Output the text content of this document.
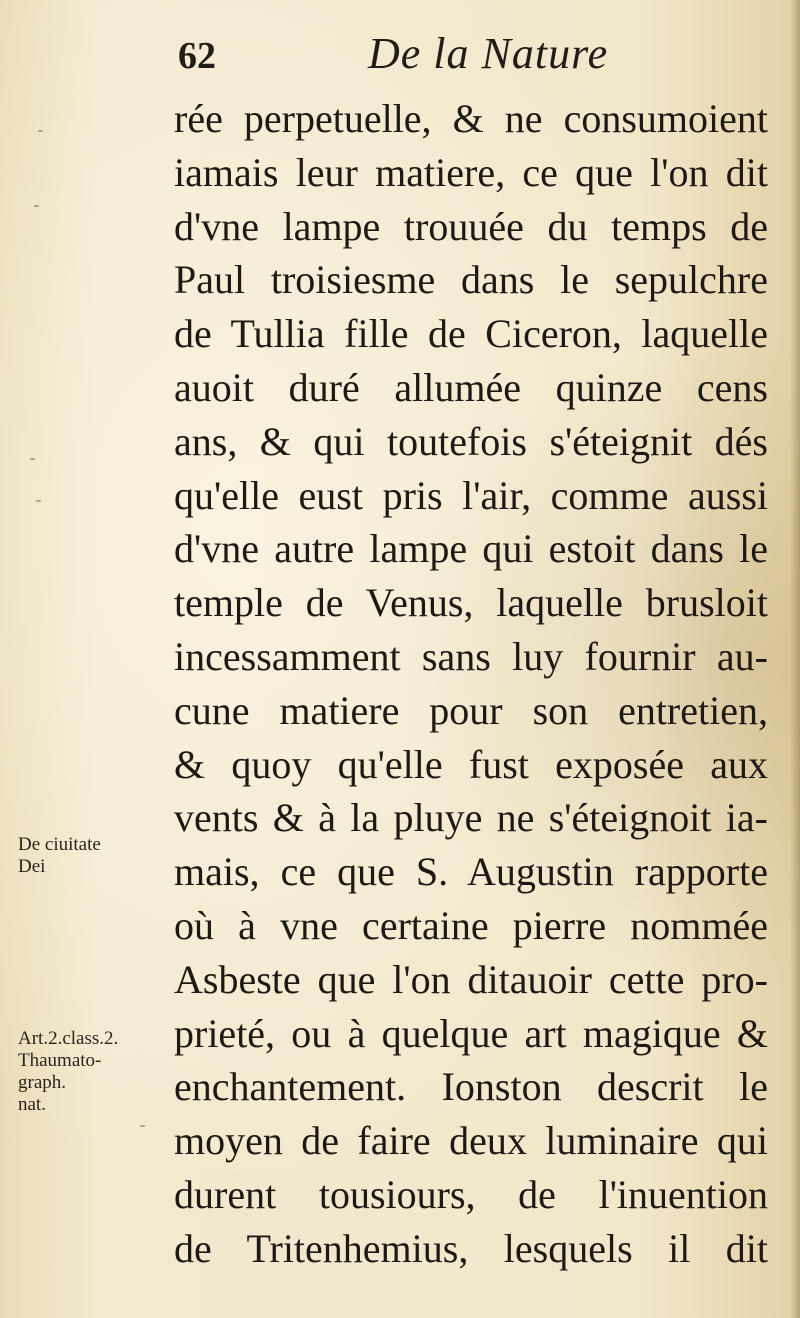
62	De la Nature
rée perpetuelle, & ne consumoient
iamais leur matiere, ce que l'on dit
d'vne lampe trouuée du temps de
Paul troisiesme dans le sepulchre
de Tullia fille de Ciceron, laquelle
auoit duré allumée quinze cens
ans, & qui toutefois s'éteignit dés
qu'elle eust pris l'air, comme aussi
d'vne autre lampe qui estoit dans le
temple de Venus, laquelle brusloit
incessamment sans luy fournir au-
cune matiere pour son entretien,
& quoy qu'elle fust exposée aux
vents & à la pluye ne s'éteignoit ia-
mais, ce que S. Augustin rapporte
où à vne certaine pierre nommée
Asbeste que l'on ditauoir cette pro-
prieté, ou à quelque art magique &
enchantement. Ionston descrit le
moyen de faire deux luminaire qui
durent tousiours, de l'inuention
de Tritenhemius, lesquels il dit
De ciuitate
Dei
Art.2.class.2.
Thaumato-
graph.
nat.
